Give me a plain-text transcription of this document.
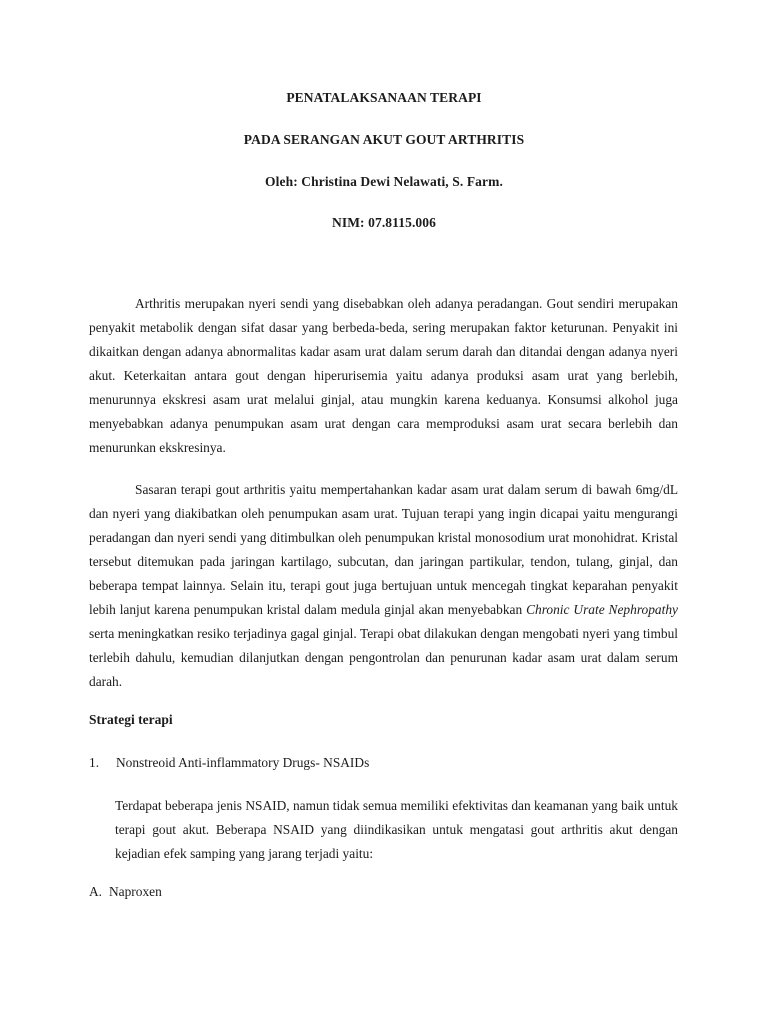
PENATALAKSANAAN TERAPI
PADA SERANGAN AKUT GOUT ARTHRITIS
Oleh: Christina Dewi Nelawati, S. Farm.
NIM: 07.8115.006

Arthritis merupakan nyeri sendi yang disebabkan oleh adanya peradangan. Gout sendiri merupakan penyakit metabolik dengan sifat dasar yang berbeda-beda, sering merupakan faktor keturunan. Penyakit ini dikaitkan dengan adanya abnormalitas kadar asam urat dalam serum darah dan ditandai dengan adanya nyeri akut. Keterkaitan antara gout dengan hiperurisemia yaitu adanya produksi asam urat yang berlebih, menurunnya ekskresi asam urat melalui ginjal, atau mungkin karena keduanya. Konsumsi alkohol juga menyebabkan adanya penumpukan asam urat dengan cara memproduksi asam urat secara berlebih dan menurunkan ekskresinya.

Sasaran terapi gout arthritis yaitu mempertahankan kadar asam urat dalam serum di bawah 6mg/dL dan nyeri yang diakibatkan oleh penumpukan asam urat. Tujuan terapi yang ingin dicapai yaitu mengurangi peradangan dan nyeri sendi yang ditimbulkan oleh penumpukan kristal monosodium urat monohidrat. Kristal tersebut ditemukan pada jaringan kartilago, subcutan, dan jaringan partikular, tendon, tulang, ginjal, dan beberapa tempat lainnya. Selain itu, terapi gout juga bertujuan untuk mencegah tingkat keparahan penyakit lebih lanjut karena penumpukan kristal dalam medula ginjal akan menyebabkan Chronic Urate Nephropathy serta meningkatkan resiko terjadinya gagal ginjal. Terapi obat dilakukan dengan mengobati nyeri yang timbul terlebih dahulu, kemudian dilanjutkan dengan pengontrolan dan penurunan kadar asam urat dalam serum darah.

Strategi terapi
1. Nonstreoid Anti-inflammatory Drugs- NSAIDs

Terdapat beberapa jenis NSAID, namun tidak semua memiliki efektivitas dan keamanan yang baik untuk terapi gout akut. Beberapa NSAID yang diindikasikan untuk mengatasi gout arthritis akut dengan kejadian efek samping yang jarang terjadi yaitu:

A. Naproxen
